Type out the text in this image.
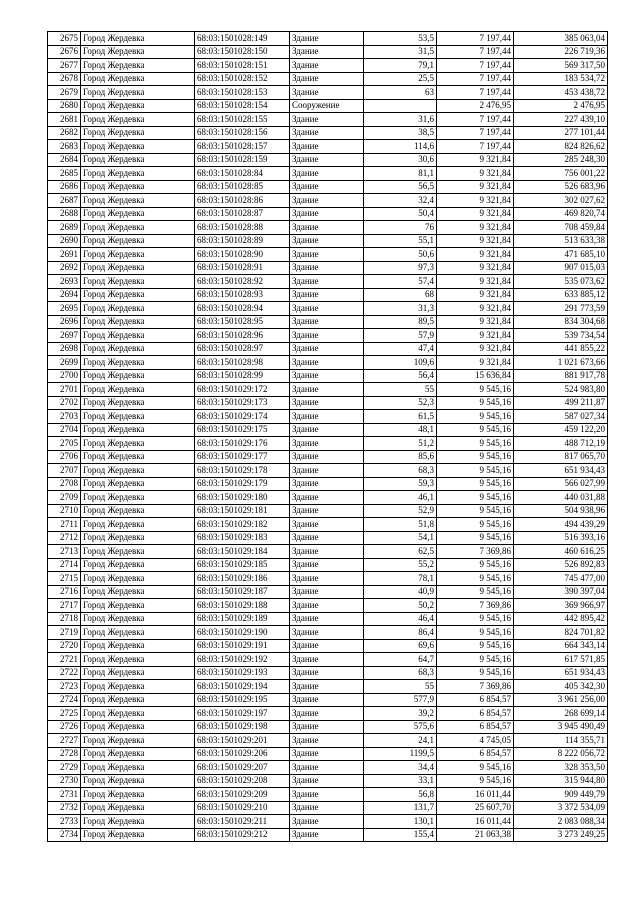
2675	Город Жердевка	68:03:1501028:149	Здание	53,5	7 197,44	385 063,04
2676	Город Жердевка	68:03:1501028:150	Здание	31,5	7 197,44	226 719,36
2677	Город Жердевка	68:03:1501028:151	Здание	79,1	7 197,44	569 317,50
2678	Город Жердевка	68:03:1501028:152	Здание	25,5	7 197,44	183 534,72
2679	Город Жердевка	68:03:1501028:153	Здание	63	7 197,44	453 438,72
2680	Город Жердевка	68:03:1501028:154	Сооружение		2 476,95	2 476,95
2681	Город Жердевка	68:03:1501028:155	Здание	31,6	7 197,44	227 439,10
2682	Город Жердевка	68:03:1501028:156	Здание	38,5	7 197,44	277 101,44
2683	Город Жердевка	68:03:1501028:157	Здание	114,6	7 197,44	824 826,62
2684	Город Жердевка	68:03:1501028:159	Здание	30,6	9 321,84	285 248,30
2685	Город Жердевка	68:03:1501028:84	Здание	81,1	9 321,84	756 001,22
2686	Город Жердевка	68:03:1501028:85	Здание	56,5	9 321,84	526 683,96
2687	Город Жердевка	68:03:1501028:86	Здание	32,4	9 321,84	302 027,62
2688	Город Жердевка	68:03:1501028:87	Здание	50,4	9 321,84	469 820,74
2689	Город Жердевка	68:03:1501028:88	Здание	76	9 321,84	708 459,84
2690	Город Жердевка	68:03:1501028:89	Здание	55,1	9 321,84	513 633,38
2691	Город Жердевка	68:03:1501028:90	Здание	50,6	9 321,84	471 685,10
2692	Город Жердевка	68:03:1501028:91	Здание	97,3	9 321,84	907 015,03
2693	Город Жердевка	68:03:1501028:92	Здание	57,4	9 321,84	535 073,62
2694	Город Жердевка	68:03:1501028:93	Здание	68	9 321,84	633 885,12
2695	Город Жердевка	68:03:1501028:94	Здание	31,3	9 321,84	291 773,59
2696	Город Жердевка	68:03:1501028:95	Здание	89,5	9 321,84	834 304,68
2697	Город Жердевка	68:03:1501028:96	Здание	57,9	9 321,84	539 734,54
2698	Город Жердевка	68:03:1501028:97	Здание	47,4	9 321,84	441 855,22
2699	Город Жердевка	68:03:1501028:98	Здание	109,6	9 321,84	1 021 673,66
2700	Город Жердевка	68:03:1501028:99	Здание	56,4	15 636,84	881 917,78
2701	Город Жердевка	68:03:1501029:172	Здание	55	9 545,16	524 983,80
2702	Город Жердевка	68:03:1501029:173	Здание	52,3	9 545,16	499 211,87
2703	Город Жердевка	68:03:1501029:174	Здание	61,5	9 545,16	587 027,34
2704	Город Жердевка	68:03:1501029:175	Здание	48,1	9 545,16	459 122,20
2705	Город Жердевка	68:03:1501029:176	Здание	51,2	9 545,16	488 712,19
2706	Город Жердевка	68:03:1501029:177	Здание	85,6	9 545,16	817 065,70
2707	Город Жердевка	68:03:1501029:178	Здание	68,3	9 545,16	651 934,43
2708	Город Жердевка	68:03:1501029:179	Здание	59,3	9 545,16	566 027,99
2709	Город Жердевка	68:03:1501029:180	Здание	46,1	9 545,16	440 031,88
2710	Город Жердевка	68:03:1501029:181	Здание	52,9	9 545,16	504 938,96
2711	Город Жердевка	68:03:1501029:182	Здание	51,8	9 545,16	494 439,29
2712	Город Жердевка	68:03:1501029:183	Здание	54,1	9 545,16	516 393,16
2713	Город Жердевка	68:03:1501029:184	Здание	62,5	7 369,86	460 616,25
2714	Город Жердевка	68:03:1501029:185	Здание	55,2	9 545,16	526 892,83
2715	Город Жердевка	68:03:1501029:186	Здание	78,1	9 545,16	745 477,00
2716	Город Жердевка	68:03:1501029:187	Здание	40,9	9 545,16	390 397,04
2717	Город Жердевка	68:03:1501029:188	Здание	50,2	7 369,86	369 966,97
2718	Город Жердевка	68:03:1501029:189	Здание	46,4	9 545,16	442 895,42
2719	Город Жердевка	68:03:1501029:190	Здание	86,4	9 545,16	824 701,82
2720	Город Жердевка	68:03:1501029:191	Здание	69,6	9 545,16	664 343,14
2721	Город Жердевка	68:03:1501029:192	Здание	64,7	9 545,16	617 571,85
2722	Город Жердевка	68:03:1501029:193	Здание	68,3	9 545,16	651 934,43
2723	Город Жердевка	68:03:1501029:194	Здание	55	7 369,86	405 342,30
2724	Город Жердевка	68:03:1501029:195	Здание	577,9	6 854,57	3 961 256,00
2725	Город Жердевка	68:03:1501029:197	Здание	39,2	6 854,57	268 699,14
2726	Город Жердевка	68:03:1501029:198	Здание	575,6	6 854,57	3 945 490,49
2727	Город Жердевка	68:03:1501029:201	Здание	24,1	4 745,05	114 355,71
2728	Город Жердевка	68:03:1501029:206	Здание	1199,5	6 854,57	8 222 056,72
2729	Город Жердевка	68:03:1501029:207	Здание	34,4	9 545,16	328 353,50
2730	Город Жердевка	68:03:1501029:208	Здание	33,1	9 545,16	315 944,80
2731	Город Жердевка	68:03:1501029:209	Здание	56,8	16 011,44	909 449,79
2732	Город Жердевка	68:03:1501029:210	Здание	131,7	25 607,70	3 372 534,09
2733	Город Жердевка	68:03:1501029:211	Здание	130,1	16 011,44	2 083 088,34
2734	Город Жердевка	68:03:1501029:212	Здание	155,4	21 063,38	3 273 249,25
